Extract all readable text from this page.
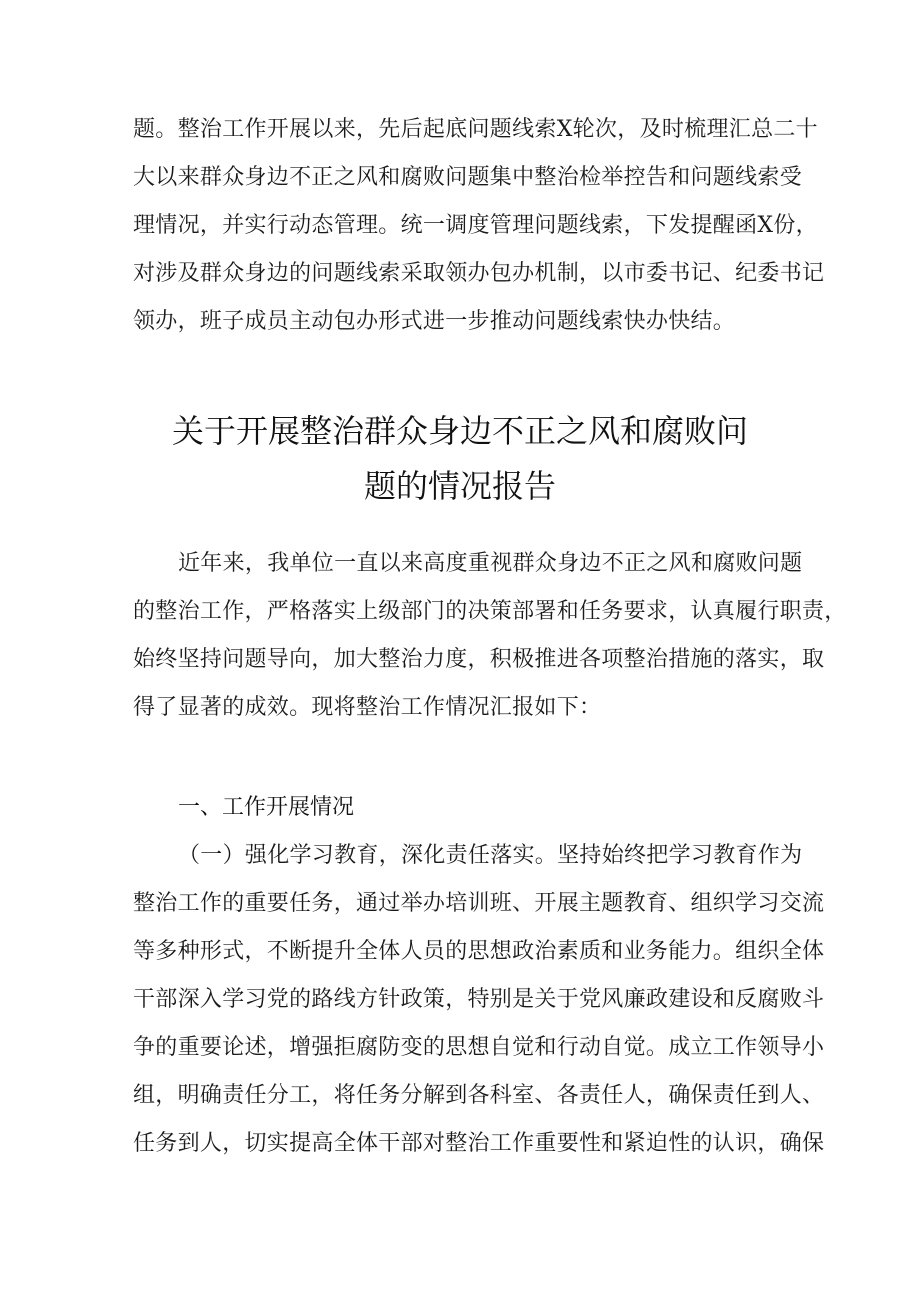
题。整治工作开展以来，先后起底问题线索X轮次，及时梳理汇总二十
大以来群众身边不正之风和腐败问题集中整治检举控告和问题线索受
理情况，并实行动态管理。统一调度管理问题线索，下发提醒函X份，
对涉及群众身边的问题线索采取领办包办机制，以市委书记、纪委书记
领办，班子成员主动包办形式进一步推动问题线索快办快结。
关于开展整治群众身边不正之风和腐败问
题的情况报告
近年来，我单位一直以来高度重视群众身边不正之风和腐败问题
的整治工作，严格落实上级部门的决策部署和任务要求，认真履行职责，
始终坚持问题导向，加大整治力度，积极推进各项整治措施的落实，取
得了显著的成效。现将整治工作情况汇报如下：
一、工作开展情况
（一）强化学习教育，深化责任落实。坚持始终把学习教育作为
整治工作的重要任务，通过举办培训班、开展主题教育、组织学习交流
等多种形式，不断提升全体人员的思想政治素质和业务能力。组织全体
干部深入学习党的路线方针政策，特别是关于党风廉政建设和反腐败斗
争的重要论述，增强拒腐防变的思想自觉和行动自觉。成立工作领导小
组，明确责任分工，将任务分解到各科室、各责任人，确保责任到人、
任务到人，切实提高全体干部对整治工作重要性和紧迫性的认识，确保
